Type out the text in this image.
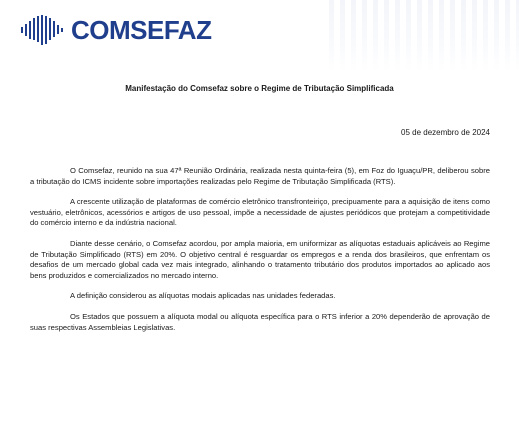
COMSEFAZ
Manifestação do Comsefaz sobre o Regime de Tributação Simplificada
05 de dezembro de 2024

O Comsefaz, reunido na sua 47ª Reunião Ordinária, realizada nesta quinta-feira (5), em Foz do Iguaçu/PR, deliberou sobre a tributação do ICMS incidente sobre importações realizadas pelo Regime de Tributação Simplificada (RTS).

A crescente utilização de plataformas de comércio eletrônico transfronteiriço, precipuamente para a aquisição de itens como vestuário, eletrônicos, acessórios e artigos de uso pessoal, impõe a necessidade de ajustes periódicos que protejam a competitividade do comércio interno e da indústria nacional.

Diante desse cenário, o Comsefaz acordou, por ampla maioria, em uniformizar as alíquotas estaduais aplicáveis ao Regime de Tributação Simplificado (RTS) em 20%. O objetivo central é resguardar os empregos e a renda dos brasileiros, que enfrentam os desafios de um mercado global cada vez mais integrado, alinhando o tratamento tributário dos produtos importados ao aplicado aos bens produzidos e comercializados no mercado interno.

A definição considerou as alíquotas modais aplicadas nas unidades federadas.

Os Estados que possuem a alíquota modal ou alíquota específica para o RTS inferior a 20% dependerão de aprovação de suas respectivas Assembleias Legislativas.
